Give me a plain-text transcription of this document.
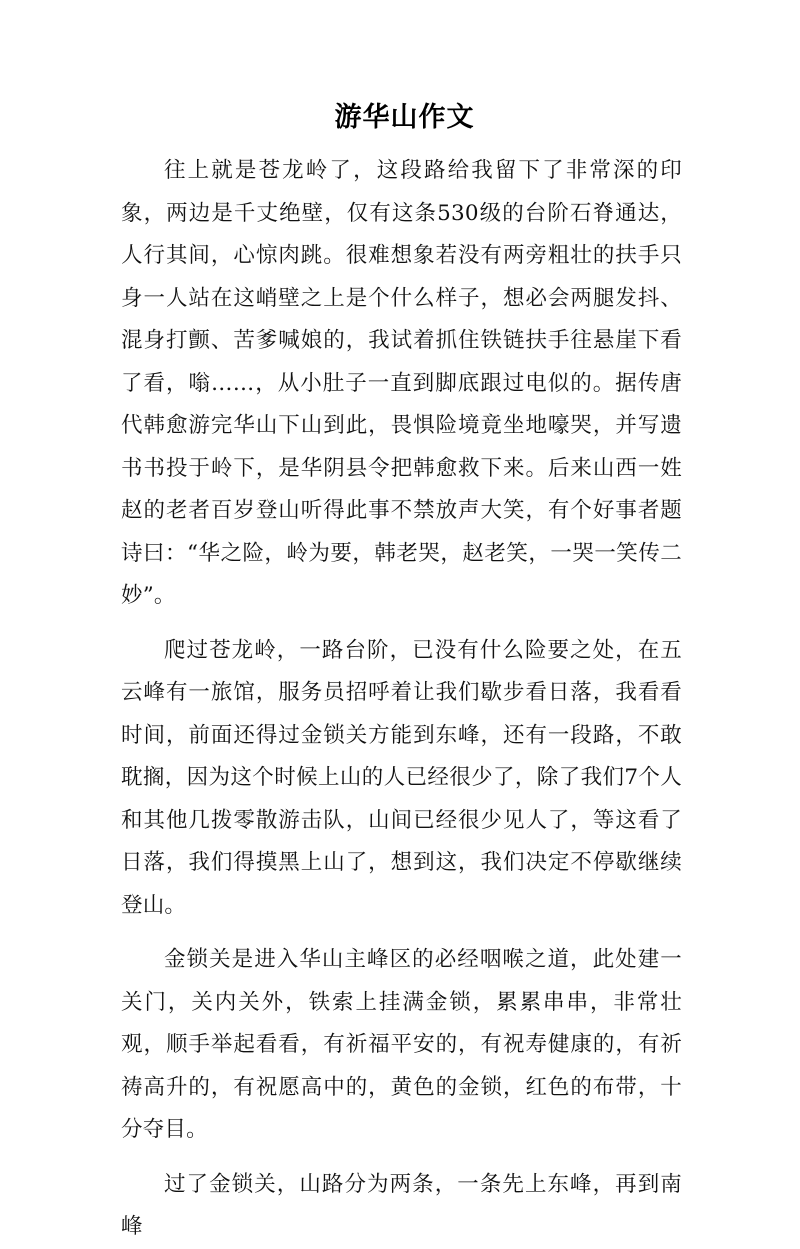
游华山作文

往上就是苍龙岭了，这段路给我留下了非常深的印象，两边是千丈绝壁，仅有这条530级的台阶石脊通达，人行其间，心惊肉跳。很难想象若没有两旁粗壮的扶手只身一人站在这峭壁之上是个什么样子，想必会两腿发抖、混身打颤、苦爹喊娘的，我试着抓住铁链扶手往悬崖下看了看，嗡……，从小肚子一直到脚底跟过电似的。据传唐代韩愈游完华山下山到此，畏惧险境竟坐地嚎哭，并写遗书书投于岭下，是华阴县令把韩愈救下来。后来山西一姓赵的老者百岁登山听得此事不禁放声大笑，有个好事者题诗曰：“华之险，岭为要，韩老哭，赵老笑，一哭一笑传二妙”。

爬过苍龙岭，一路台阶，已没有什么险要之处，在五云峰有一旅馆，服务员招呼着让我们歇步看日落，我看看时间，前面还得过金锁关方能到东峰，还有一段路，不敢耽搁，因为这个时候上山的人已经很少了，除了我们7个人和其他几拨零散游击队，山间已经很少见人了，等这看了日落，我们得摸黑上山了，想到这，我们决定不停歇继续登山。

金锁关是进入华山主峰区的必经咽喉之道，此处建一关门，关内关外，铁索上挂满金锁，累累串串，非常壮观，顺手举起看看，有祈福平安的，有祝寿健康的，有祈祷高升的，有祝愿高中的，黄色的金锁，红色的布带，十分夺目。

过了金锁关，山路分为两条，一条先上东峰，再到南峰
